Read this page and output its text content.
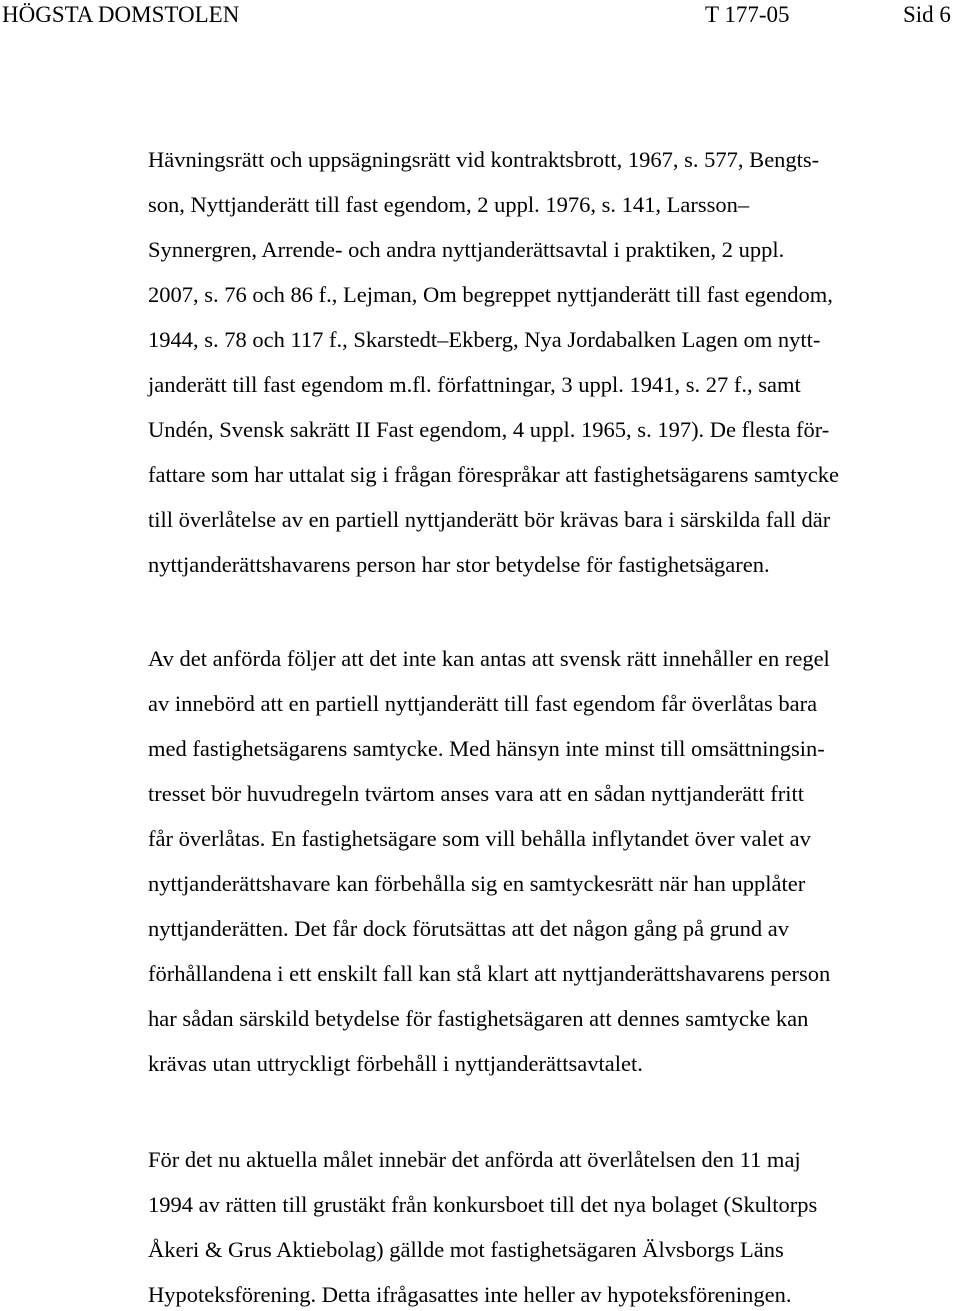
HÖGSTA DOMSTOLEN	T 177-05	Sid 6
Hävningsrätt och uppsägningsrätt vid kontraktsbrott, 1967, s. 577, Bengts-
son, Nyttjanderätt till fast egendom, 2 uppl. 1976, s. 141, Larsson–
Synnergren, Arrende- och andra nyttjanderättsavtal i praktiken, 2 uppl.
2007, s. 76 och 86 f., Lejman, Om begreppet nyttjanderätt till fast egendom,
1944, s. 78 och 117 f., Skarstedt–Ekberg, Nya Jordabalken Lagen om nytt-
janderätt till fast egendom m.fl. författningar, 3 uppl. 1941, s. 27 f., samt
Undén, Svensk sakrätt II Fast egendom, 4 uppl. 1965, s. 197). De flesta för-
fattare som har uttalat sig i frågan förespråkar att fastighetsägarens samtycke
till överlåtelse av en partiell nyttjanderätt bör krävas bara i särskilda fall där
nyttjanderättshavarens person har stor betydelse för fastighetsägaren.
Av det anförda följer att det inte kan antas att svensk rätt innehåller en regel
av innebörd att en partiell nyttjanderätt till fast egendom får överlåtas bara
med fastighetsägarens samtycke. Med hänsyn inte minst till omsättningsin-
tresset bör huvudregeln tvärtom anses vara att en sådan nyttjanderätt fritt
får överlåtas. En fastighetsägare som vill behålla inflytandet över valet av
nyttjanderättshavare kan förbehålla sig en samtyckesrätt när han upplåter
nyttjanderätten. Det får dock förutsättas att det någon gång på grund av
förhållandena i ett enskilt fall kan stå klart att nyttjanderättshavarens person
har sådan särskild betydelse för fastighetsägaren att dennes samtycke kan
krävas utan uttryckligt förbehåll i nyttjanderättsavtalet.
För det nu aktuella målet innebär det anförda att överlåtelsen den 11 maj
1994 av rätten till grustäkt från konkursboet till det nya bolaget (Skultorps
Åkeri & Grus Aktiebolag) gällde mot fastighetsägaren Älvsborgs Läns
Hypoteksförening. Detta ifrågasattes inte heller av hypoteksföreningen.
